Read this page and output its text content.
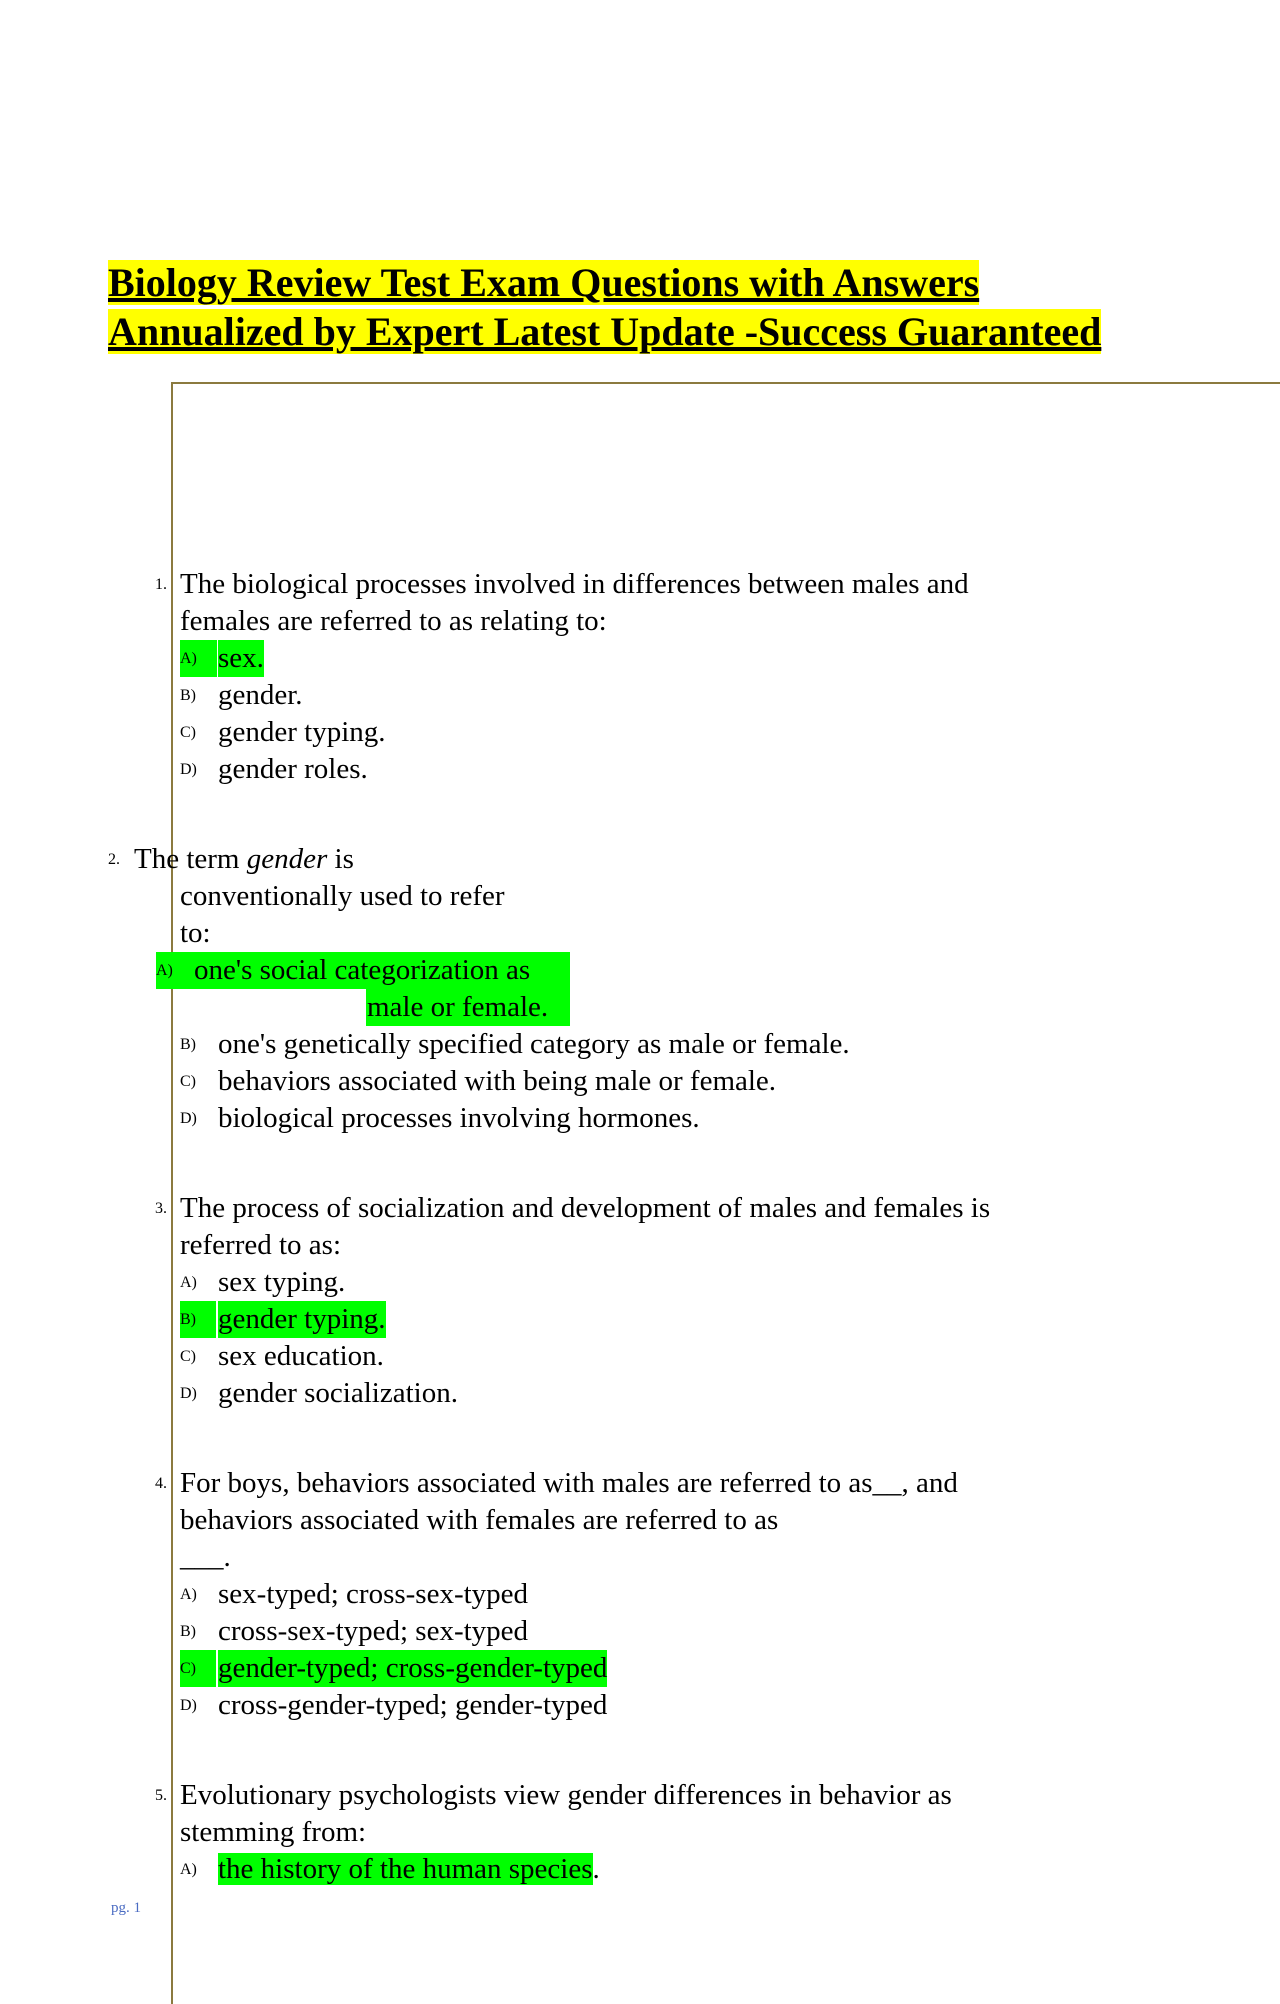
Biology Review Test Exam Questions with Answers
Annualized by Expert Latest Update -Success Guaranteed
1. The biological processes involved in differences between males and
females are referred to as relating to:
A) sex.
B) gender.
C) gender typing.
D) gender roles.
2. The term gender is
conventionally used to refer
to:
A) one's social categorization as
male or female.
B) one's genetically specified category as male or female.
C) behaviors associated with being male or female.
D) biological processes involving hormones.
3. The process of socialization and development of males and females is
referred to as:
A) sex typing.
B) gender typing.
C) sex education.
D) gender socialization.
4. For boys, behaviors associated with males are referred to as__, and
behaviors associated with females are referred to as
___.
A) sex-typed; cross-sex-typed
B) cross-sex-typed; sex-typed
C) gender-typed; cross-gender-typed
D) cross-gender-typed; gender-typed
5. Evolutionary psychologists view gender differences in behavior as
stemming from:
A) the history of the human species.
pg. 1
